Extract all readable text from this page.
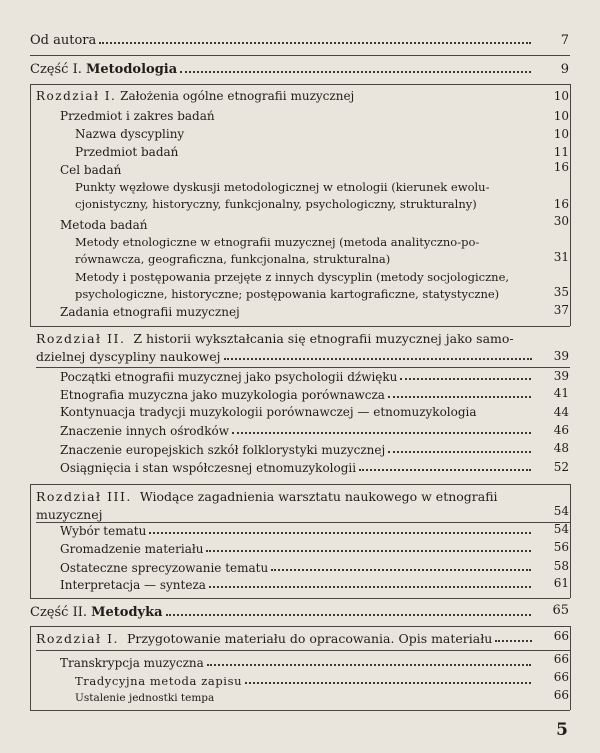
Od autora	7
Część I. Metodologia	9
Rozdział I. Założenia ogólne etnografii muzycznej	10
Przedmiot i zakres badań	10
Nazwa dyscypliny	10
Przedmiot badań	11
Cel badań	16
Punkty węzłowe dyskusji metodologicznej w etnologii (kierunek ewolu-
cjonistyczny, historyczny, funkcjonalny, psychologiczny, strukturalny)	16
Metoda badań	30
Metody etnologiczne w etnografii muzycznej (metoda analityczno-po-
równawcza, geograficzna, funkcjonalna, strukturalna)	31
Metody i postępowania przejęte z innych dyscyplin (metody socjologiczne,
psychologiczne, historyczne; postępowania kartograficzne, statystyczne)	35
Zadania etnografii muzycznej	37
Rozdział II. Z historii wykształcania się etnografii muzycznej jako samo-
dzielnej dyscypliny naukowej	39
Początki etnografii muzycznej jako psychologii dźwięku	39
Etnografia muzyczna jako muzykologia porównawcza	41
Kontynuacja tradycji muzykologii porównawczej — etnomuzykologia	44
Znaczenie innych ośrodków	46
Znaczenie europejskich szkół folklorystyki muzycznej	48
Osiągnięcia i stan współczesnej etnomuzykologii	52
Rozdział III. Wiodące zagadnienia warsztatu naukowego w etnografii
muzycznej	54
Wybór tematu	54
Gromadzenie materiału	56
Ostateczne sprecyzowanie tematu	58
Interpretacja — synteza	61
Część II. Metodyka	65
Rozdział I. Przygotowanie materiału do opracowania. Opis materiału	66
Transkrypcja muzyczna	66
Tradycyjna metoda zapisu	66
Ustalenie jednostki tempa	66
5
